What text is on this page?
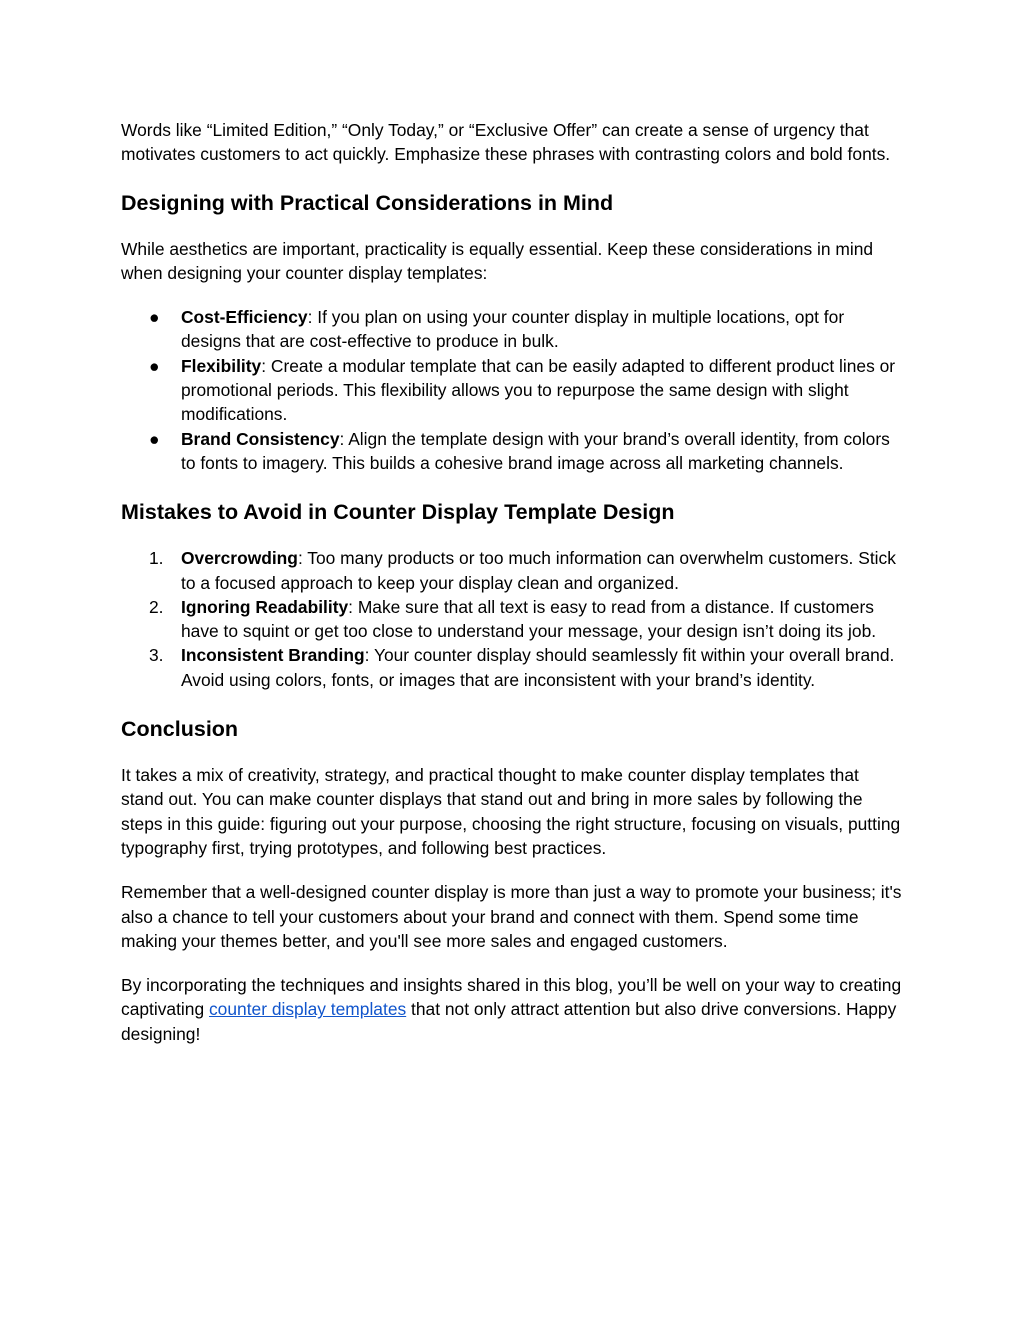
Words like “Limited Edition,” “Only Today,” or “Exclusive Offer” can create a sense of urgency that motivates customers to act quickly. Emphasize these phrases with contrasting colors and bold fonts.

Designing with Practical Considerations in Mind

While aesthetics are important, practicality is equally essential. Keep these considerations in mind when designing your counter display templates:

● Cost-Efficiency: If you plan on using your counter display in multiple locations, opt for designs that are cost-effective to produce in bulk.
● Flexibility: Create a modular template that can be easily adapted to different product lines or promotional periods. This flexibility allows you to repurpose the same design with slight modifications.
● Brand Consistency: Align the template design with your brand’s overall identity, from colors to fonts to imagery. This builds a cohesive brand image across all marketing channels.
Mistakes to Avoid in Counter Display Template Design
1. Overcrowding: Too many products or too much information can overwhelm customers. Stick to a focused approach to keep your display clean and organized.
2. Ignoring Readability: Make sure that all text is easy to read from a distance. If customers have to squint or get too close to understand your message, your design isn’t doing its job.
3. Inconsistent Branding: Your counter display should seamlessly fit within your overall brand. Avoid using colors, fonts, or images that are inconsistent with your brand’s identity.
Conclusion

It takes a mix of creativity, strategy, and practical thought to make counter display templates that stand out. You can make counter displays that stand out and bring in more sales by following the steps in this guide: figuring out your purpose, choosing the right structure, focusing on visuals, putting typography first, trying prototypes, and following best practices.

Remember that a well-designed counter display is more than just a way to promote your business; it's also a chance to tell your customers about your brand and connect with them. Spend some time making your themes better, and you'll see more sales and engaged customers.

By incorporating the techniques and insights shared in this blog, you’ll be well on your way to creating captivating counter display templates that not only attract attention but also drive conversions. Happy designing!
